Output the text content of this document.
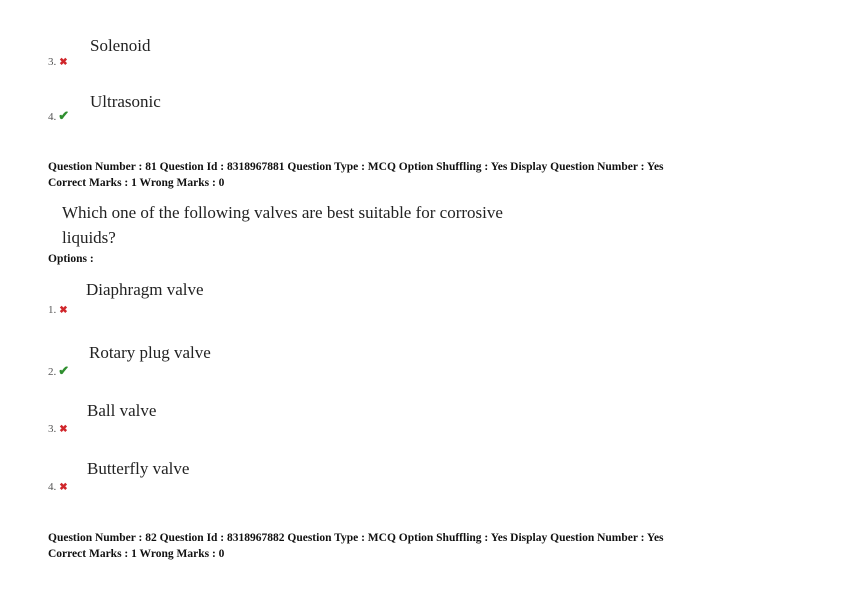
Solenoid
3. ✖
Ultrasonic
4. ✔
Question Number : 81 Question Id : 8318967881 Question Type : MCQ Option Shuffling : Yes Display Question Number : Yes
Correct Marks : 1 Wrong Marks : 0
Which one of the following valves are best suitable for corrosive
liquids?
Options :
Diaphragm valve
1. ✖
Rotary plug valve
2. ✔
Ball valve
3. ✖
Butterfly valve
4. ✖
Question Number : 82 Question Id : 8318967882 Question Type : MCQ Option Shuffling : Yes Display Question Number : Yes
Correct Marks : 1 Wrong Marks : 0
